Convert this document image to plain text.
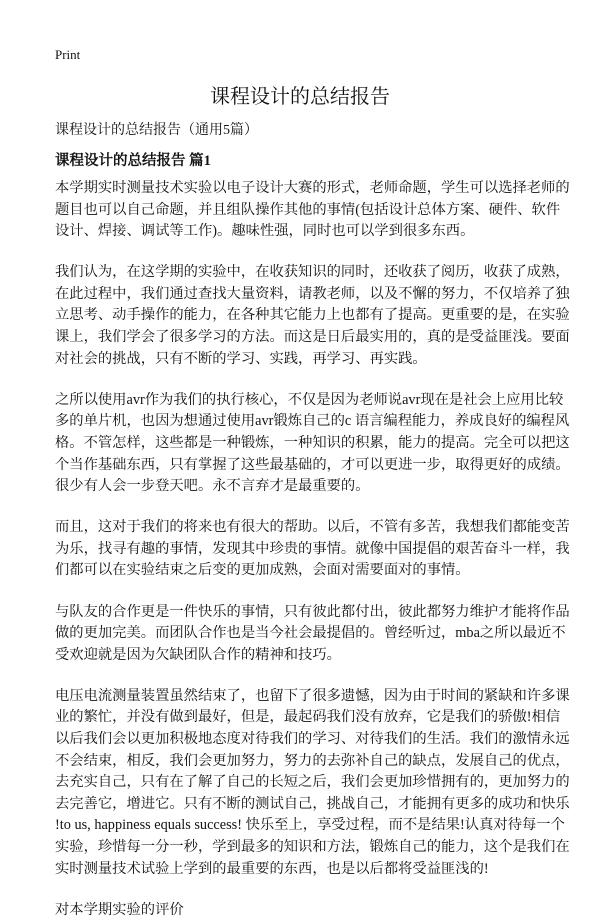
Print
课程设计的总结报告
课程设计的总结报告（通用5篇）
课程设计的总结报告 篇1

本学期实时测量技术实验以电子设计大赛的形式，老师命题，学生可以选择老师的
题目也可以自己命题，并且组队操作其他的事情(包括设计总体方案、硬件、软件
设计、焊接、调试等工作)。趣味性强，同时也可以学到很多东西。

我们认为，在这学期的实验中，在收获知识的同时，还收获了阅历，收获了成熟，
在此过程中，我们通过查找大量资料，请教老师，以及不懈的努力，不仅培养了独
立思考、动手操作的能力，在各种其它能力上也都有了提高。更重要的是，在实验
课上，我们学会了很多学习的方法。而这是日后最实用的，真的是受益匪浅。要面
对社会的挑战，只有不断的学习、实践，再学习、再实践。

之所以使用avr作为我们的执行核心，不仅是因为老师说avr现在是社会上应用比较
多的单片机，也因为想通过使用avr锻炼自己的c 语言编程能力，养成良好的编程风
格。不管怎样，这些都是一种锻炼，一种知识的积累，能力的提高。完全可以把这
个当作基础东西，只有掌握了这些最基础的，才可以更进一步，取得更好的成绩。
很少有人会一步登天吧。永不言弃才是最重要的。

而且，这对于我们的将来也有很大的帮助。以后，不管有多苦，我想我们都能变苦
为乐，找寻有趣的事情，发现其中珍贵的事情。就像中国提倡的艰苦奋斗一样，我
们都可以在实验结束之后变的更加成熟，会面对需要面对的事情。

与队友的合作更是一件快乐的事情，只有彼此都付出，彼此都努力维护才能将作品
做的更加完美。而团队合作也是当今社会最提倡的。曾经听过，mba之所以最近不
受欢迎就是因为欠缺团队合作的精神和技巧。

电压电流测量装置虽然结束了，也留下了很多遗憾，因为由于时间的紧缺和许多课
业的繁忙，并没有做到最好，但是，最起码我们没有放弃，它是我们的骄傲!相信
以后我们会以更加积极地态度对待我们的学习、对待我们的生活。我们的激情永远
不会结束，相反，我们会更加努力，努力的去弥补自己的缺点，发展自己的优点，
去充实自己，只有在了解了自己的长短之后，我们会更加珍惜拥有的，更加努力的
去完善它，增进它。只有不断的测试自己，挑战自己，才能拥有更多的成功和快乐
!to us, happiness equals success! 快乐至上，享受过程，而不是结果!认真对待每一个
实验，珍惜每一分一秒，学到最多的知识和方法，锻炼自己的能力，这个是我们在
实时测量技术试验上学到的最重要的东西，也是以后都将受益匪浅的!

对本学期实验的评价
